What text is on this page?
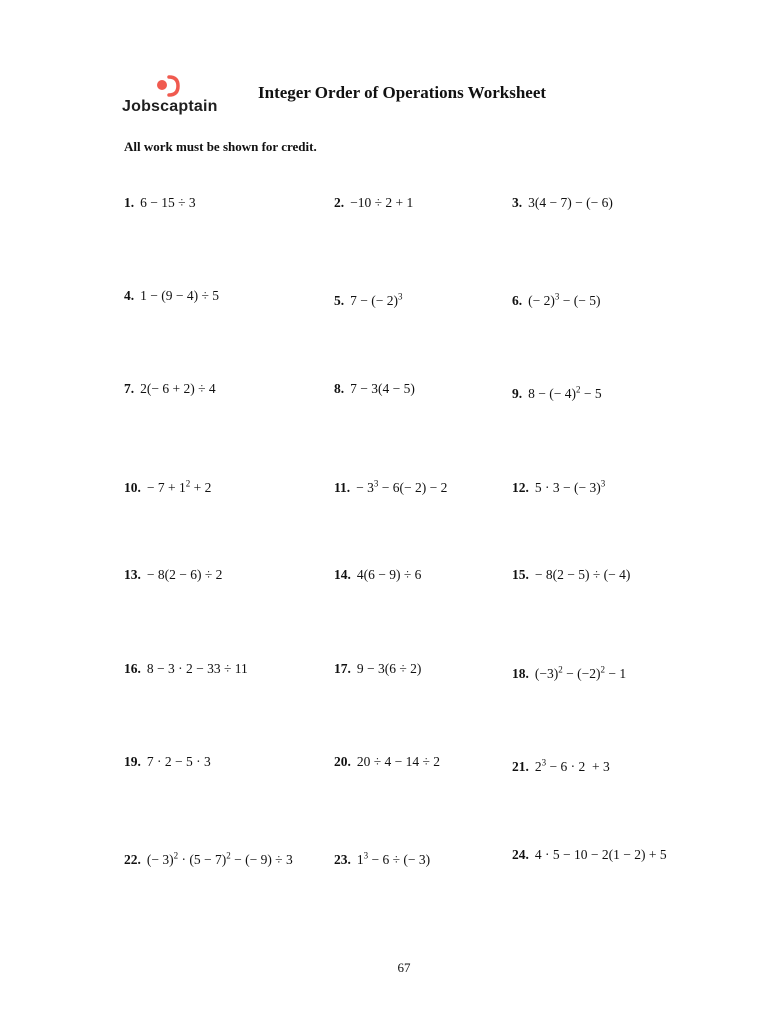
Jobscaptain
Integer Order of Operations Worksheet
All work must be shown for credit.
1. 6 − 15 ÷ 3	2. −10 ÷ 2 + 1	3. 3(4 − 7) − (− 6)
4. 1 − (9 − 4) ÷ 5	5. 7 − (− 2)$^3$	6. (− 2)$^3$ − (− 5)
7. 2(− 6 + 2) ÷ 4	8. 7 − 3(4 − 5)	9. 8 − (− 4)$^2$ − 5
10. − $7 + 1^2 + 2$	11. − $3^3 - 6(- 2) - 2$	12. 5 · 3 − (− 3)$^3$
13. − 8(2 − 6) ÷ 2	14. 4(6 − 9) ÷ 6	15. − 8(2 − 5) ÷ (− 4)
16. 8 − 3 · 2 − 33 ÷ 11	17. 9 − 3(6 ÷ 2)	18. $(-3)^2 - (-2)^2 - 1$
19. 7 · 2 − 5 · 3	20. 20 ÷ 4 − 14 ÷ 2	21. $2^3 - 6 \cdot 2 + 3$
22. (− $3)^2 \cdot (5 - 7)^2$ − (− 9) ÷ 3	23. $1^3 - 6$ ÷ (− 3)	24. 4 · 5 − 10 − 2(1 − 2) + 5
67
